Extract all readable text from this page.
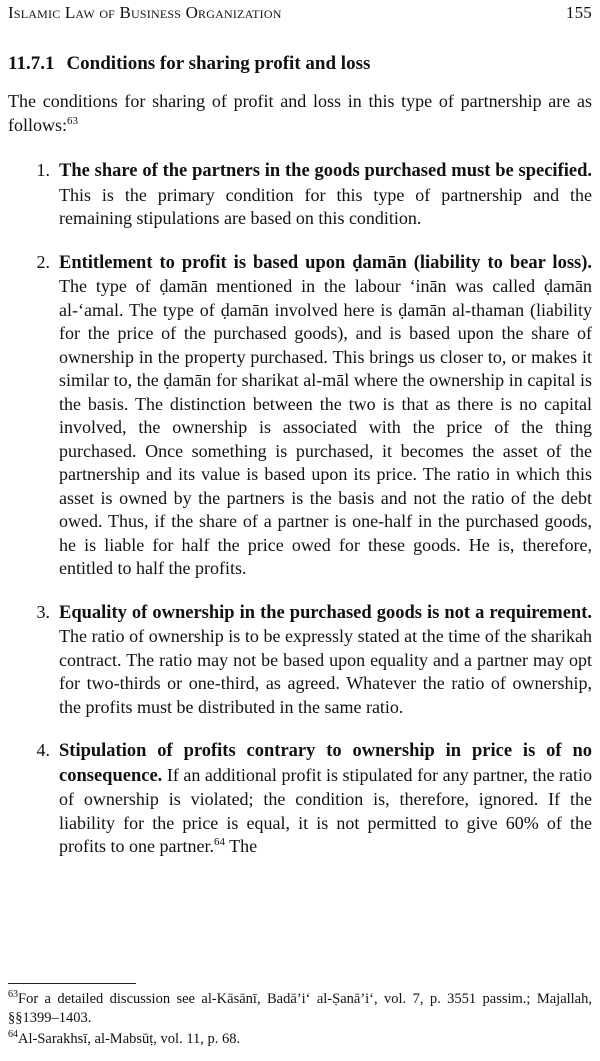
Islamic Law of Business Organization	155
11.7.1 Conditions for sharing profit and loss

The conditions for sharing of profit and loss in this type of partnership are as follows:$^{63}$

1. The share of the partners in the goods purchased must be specified. This is the primary condition for this type of partnership and the remaining stipulations are based on this condition.

2. Entitlement to profit is based upon ḍamān (liability to bear loss). The type of ḍamān mentioned in the labour ‘inān was called ḍamān al-‘amal. The type of ḍamān involved here is ḍamān al-thaman (liability for the price of the purchased goods), and is based upon the share of ownership in the property purchased. This brings us closer to, or makes it similar to, the ḍamān for sharikat al-māl where the ownership in capital is the basis. The distinction between the two is that as there is no capital involved, the ownership is associated with the price of the thing purchased. Once something is purchased, it becomes the asset of the partnership and its value is based upon its price. The ratio in which this asset is owned by the partners is the basis and not the ratio of the debt owed. Thus, if the share of a partner is one-half in the purchased goods, he is liable for half the price owed for these goods. He is, therefore, entitled to half the profits.

3. Equality of ownership in the purchased goods is not a requirement. The ratio of ownership is to be expressly stated at the time of the sharikah contract. The ratio may not be based upon equality and a partner may opt for two-thirds or one-third, as agreed. Whatever the ratio of ownership, the profits must be distributed in the same ratio.

4. Stipulation of profits contrary to ownership in price is of no consequence. If an additional profit is stipulated for any partner, the ratio of ownership is violated; the condition is, therefore, ignored. If the liability for the price is equal, it is not permitted to give 60% of the profits to one partner.$^{64}$ The

$^{63}$For a detailed discussion see al-Kāsānī, Badā’i‘ al-Ṣanā’i‘, vol. 7, p. 3551 passim.; Majallah, §§1399–1403.

$^{64}$Al-Sarakhsī, al-Mabsūṭ, vol. 11, p. 68.
